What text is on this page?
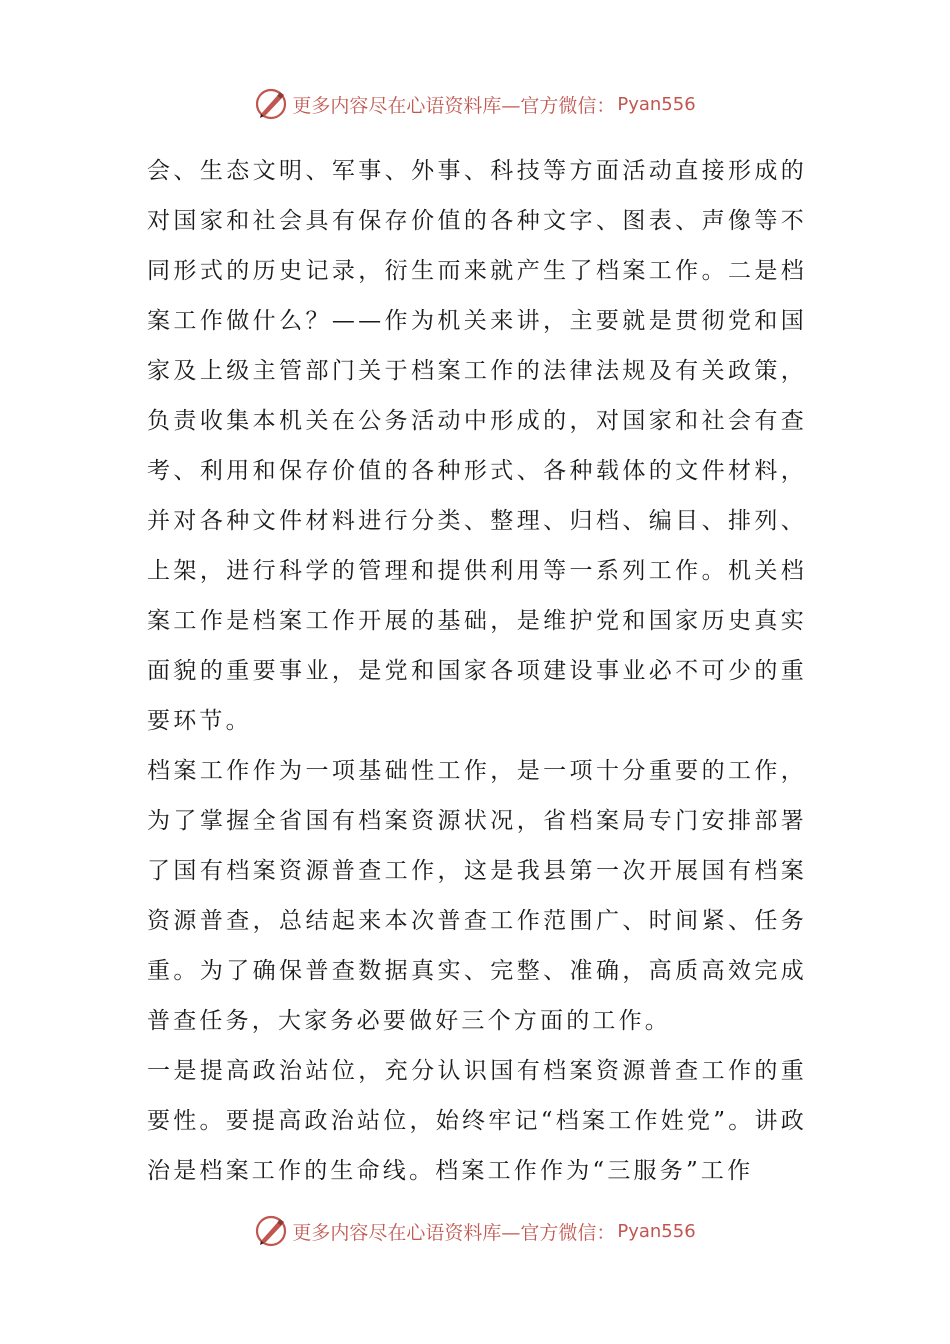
更多内容尽在心语资料库—官方微信： Pyan556

会、生态文明、军事、外事、科技等方面活动直接形成的对国家和社会具有保存价值的各种文字、图表、声像等不同形式的历史记录，衍生而来就产生了档案工作。二是档案工作做什么？——作为机关来讲，主要就是贯彻党和国家及上级主管部门关于档案工作的法律法规及有关政策，负责收集本机关在公务活动中形成的，对国家和社会有查考、利用和保存价值的各种形式、各种载体的文件材料，并对各种文件材料进行分类、整理、归档、编目、排列、上架，进行科学的管理和提供利用等一系列工作。机关档案工作是档案工作开展的基础，是维护党和国家历史真实面貌的重要事业，是党和国家各项建设事业必不可少的重要环节。

档案工作作为一项基础性工作，是一项十分重要的工作，为了掌握全省国有档案资源状况，省档案局专门安排部署了国有档案资源普查工作，这是我县第一次开展国有档案资源普查，总结起来本次普查工作范围广、时间紧、任务重。为了确保普查数据真实、完整、准确，高质高效完成普查任务，大家务必要做好三个方面的工作。

一是提高政治站位，充分认识国有档案资源普查工作的重要性。要提高政治站位，始终牢记“档案工作姓党”。讲政治是档案工作的生命线。档案工作作为“三服务”工作

更多内容尽在心语资料库—官方微信： Pyan556
